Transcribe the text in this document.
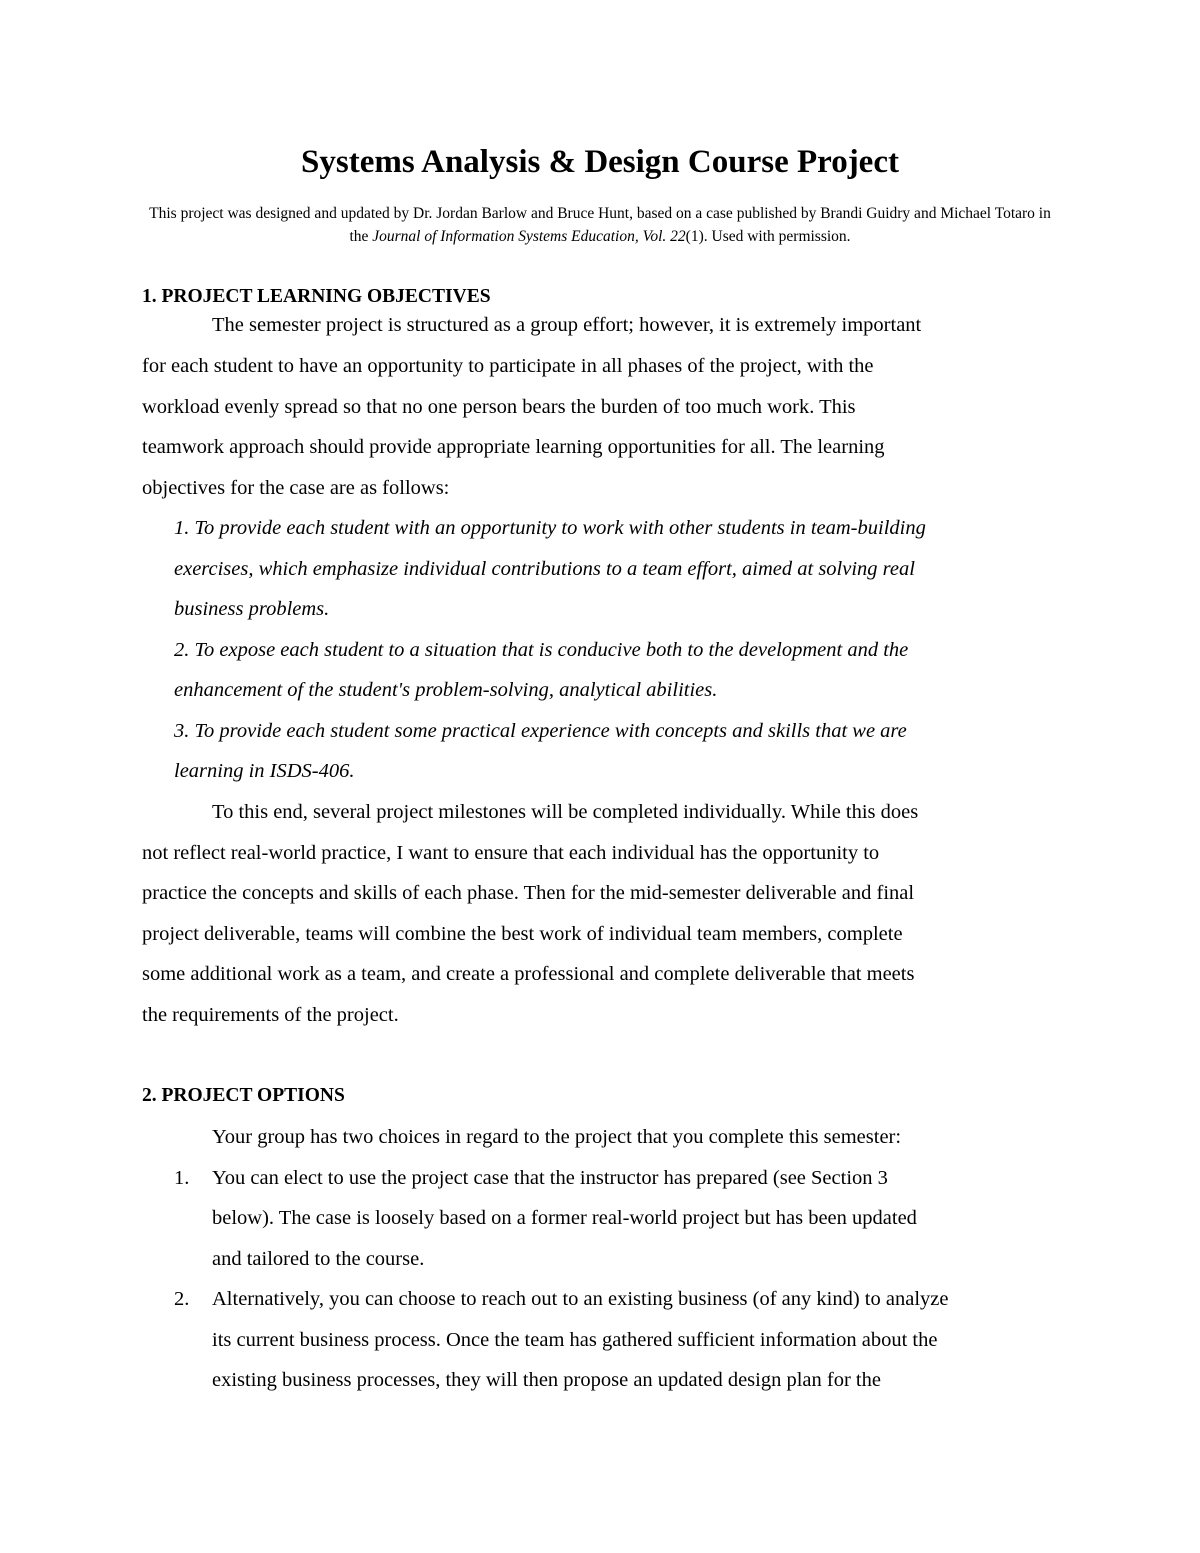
Systems Analysis & Design Course Project

This project was designed and updated by Dr. Jordan Barlow and Bruce Hunt, based on a case published by Brandi Guidry and Michael Totaro in the Journal of Information Systems Education, Vol. 22(1). Used with permission.

1. PROJECT LEARNING OBJECTIVES

The semester project is structured as a group effort; however, it is extremely important

for each student to have an opportunity to participate in all phases of the project, with the

workload evenly spread so that no one person bears the burden of too much work. This

teamwork approach should provide appropriate learning opportunities for all. The learning

objectives for the case are as follows:

1. To provide each student with an opportunity to work with other students in team-building

exercises, which emphasize individual contributions to a team effort, aimed at solving real

business problems.

2. To expose each student to a situation that is conducive both to the development and the

enhancement of the student's problem-solving, analytical abilities.

3. To provide each student some practical experience with concepts and skills that we are

learning in ISDS-406.

To this end, several project milestones will be completed individually. While this does

not reflect real-world practice, I want to ensure that each individual has the opportunity to

practice the concepts and skills of each phase. Then for the mid-semester deliverable and final

project deliverable, teams will combine the best work of individual team members, complete

some additional work as a team, and create a professional and complete deliverable that meets

the requirements of the project.

2. PROJECT OPTIONS

Your group has two choices in regard to the project that you complete this semester:

1. You can elect to use the project case that the instructor has prepared (see Section 3

below). The case is loosely based on a former real-world project but has been updated

and tailored to the course.

2. Alternatively, you can choose to reach out to an existing business (of any kind) to analyze

its current business process. Once the team has gathered sufficient information about the

existing business processes, they will then propose an updated design plan for the
